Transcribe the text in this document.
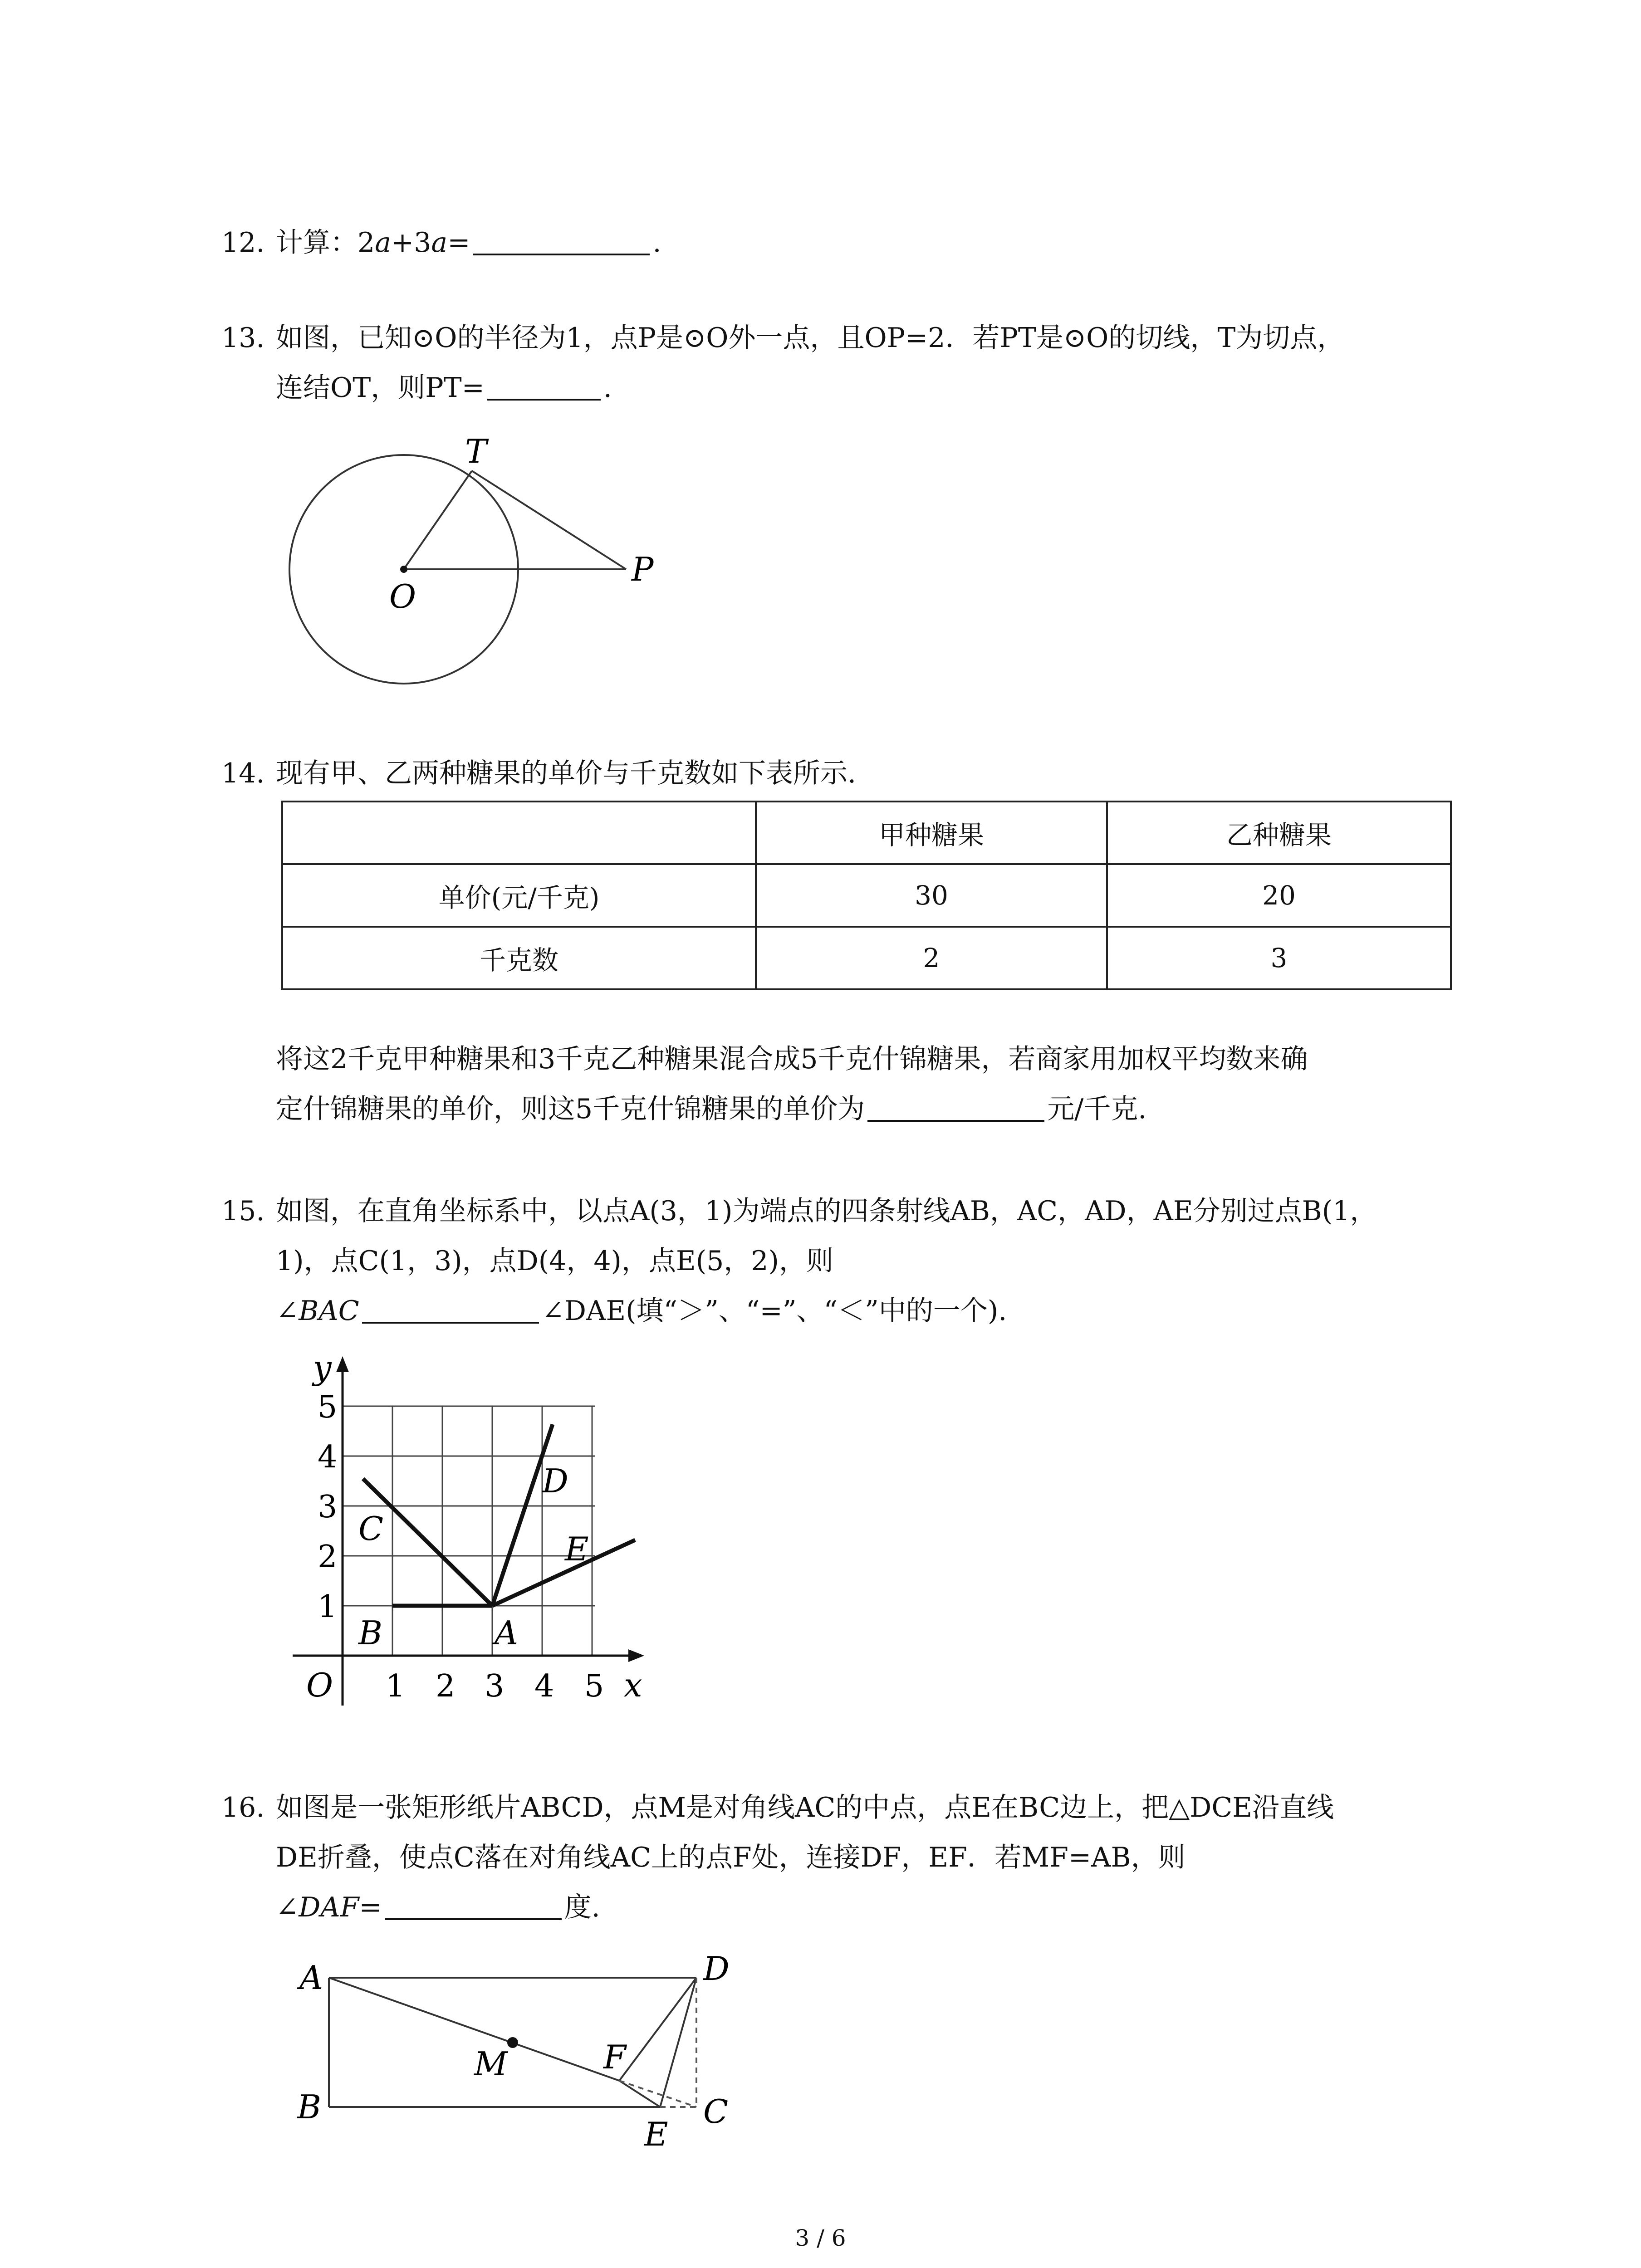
12. 计算：2a+3a=	.
13. 如图，已知⊙O的半径为1，点P是⊙O外一点，且OP=2．若PT是⊙O的切线，T为切点，
连结OT，则PT=	.
T
O
P
14. 现有甲、乙两种糖果的单价与千克数如下表所示.
	甲种糖果	乙种糖果
单价(元/千克)	30	20
千克数	2	3
将这2千克甲种糖果和3千克乙种糖果混合成5千克什锦糖果，若商家用加权平均数来确
定什锦糖果的单价，则这5千克什锦糖果的单价为	元/千克.
15. 如图，在直角坐标系中，以点A(3，1)为端点的四条射线AB，AC，AD，AE分别过点B(1，
1)，点C(1，3)，点D(4，4)，点E(5，2)，则
∠BAC	∠DAE(填“＞”、“=”、“＜”中的一个).
y
x
O 1 2 3 4 5
1
2
3
4
5
A
B
C
D
E
16. 如图是一张矩形纸片ABCD，点M是对角线AC的中点，点E在BC边上，把△DCE沿直线
DE折叠，使点C落在对角线AC上的点F处，连接DF，EF．若MF=AB，则
∠DAF=	度.
A
B	C
D
E
F
M
3 / 6
